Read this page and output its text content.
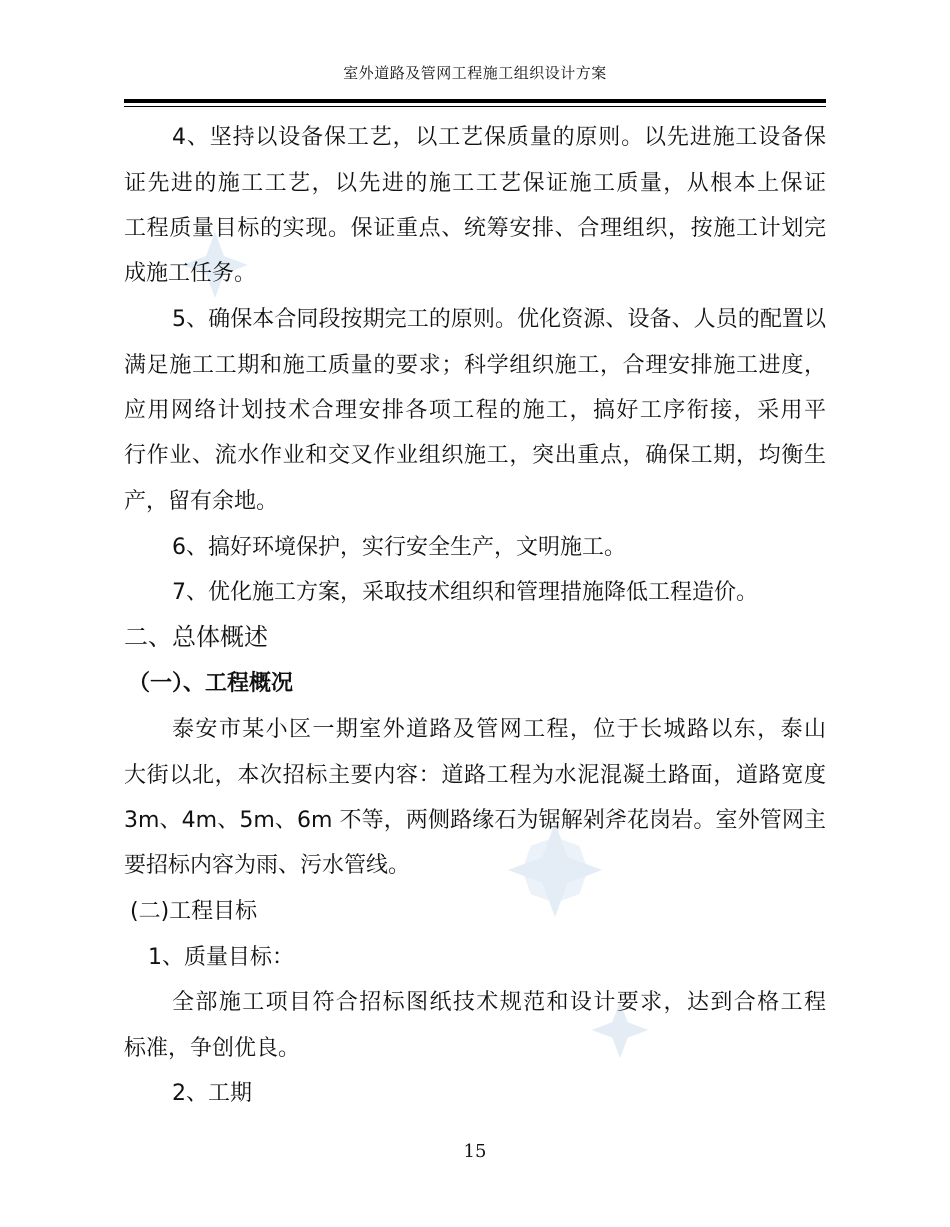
室外道路及管网工程施工组织设计方案
4、坚持以设备保工艺，以工艺保质量的原则。以先进施工设备保
证先进的施工工艺，以先进的施工工艺保证施工质量，从根本上保证
工程质量目标的实现。保证重点、统筹安排、合理组织，按施工计划完
成施工任务。
5、确保本合同段按期完工的原则。优化资源、设备、人员的配置以
满足施工工期和施工质量的要求；科学组织施工，合理安排施工进度，
应用网络计划技术合理安排各项工程的施工，搞好工序衔接，采用平
行作业、流水作业和交叉作业组织施工，突出重点，确保工期，均衡生
产，留有余地。
6、搞好环境保护，实行安全生产，文明施工。
7、优化施工方案，采取技术组织和管理措施降低工程造价。
二、总体概述
（一）、工程概况
泰安市某小区一期室外道路及管网工程，位于长城路以东，泰山
大街以北，本次招标主要内容：道路工程为水泥混凝土路面，道路宽度
3m、4m、5m、6m 不等，两侧路缘石为锯解剁斧花岗岩。室外管网主
要招标内容为雨、污水管线。
(二)工程目标
1、质量目标：
全部施工项目符合招标图纸技术规范和设计要求，达到合格工程
标准，争创优良。
2、工期
15
